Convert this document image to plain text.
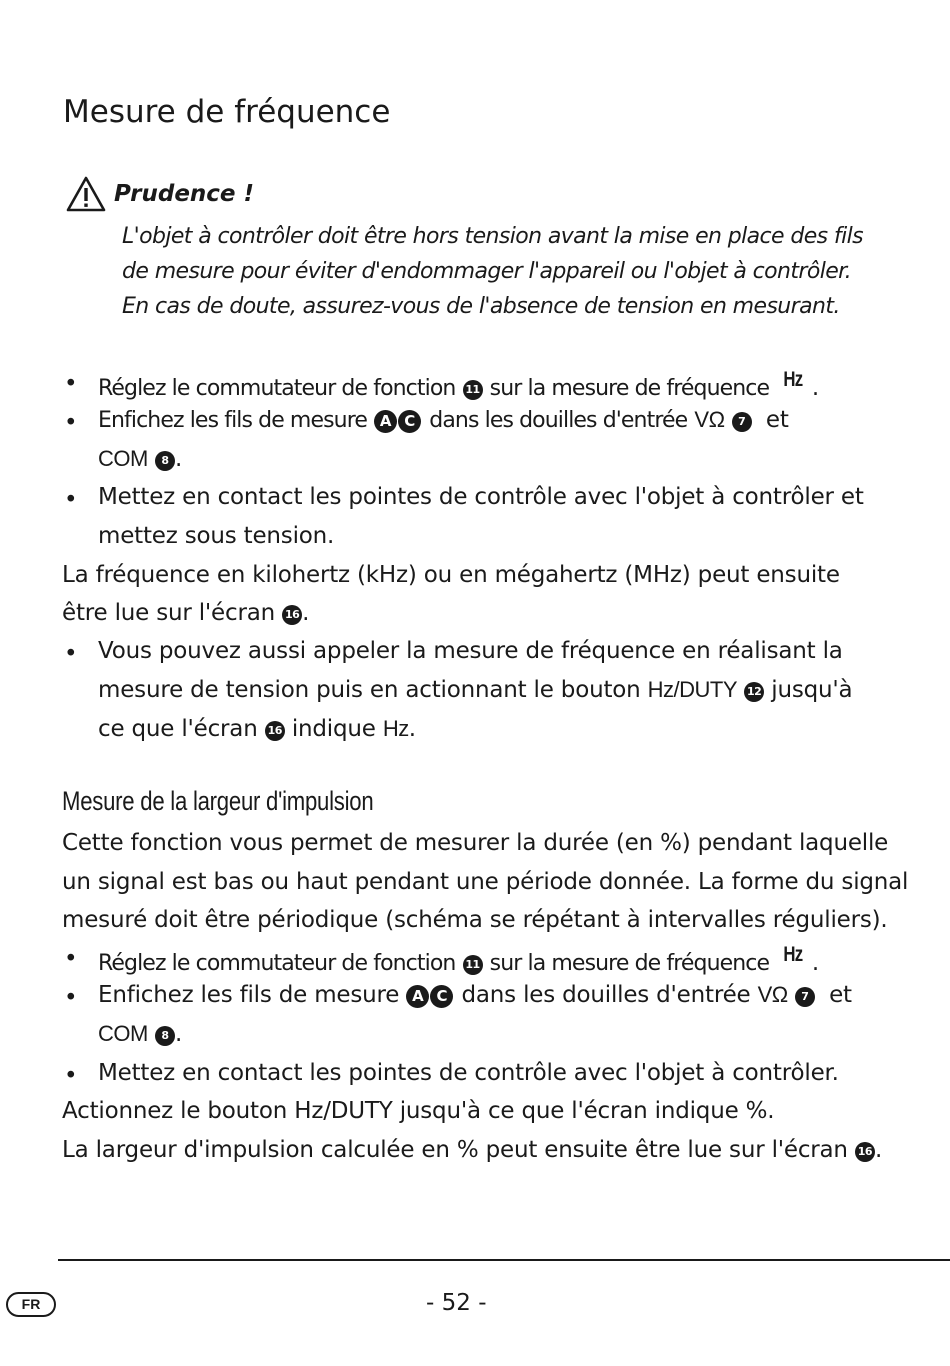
Mesure de fréquence
Prudence !
L'objet à contrôler doit être hors tension avant la mise en place des fils
de mesure pour éviter d'endommager l'appareil ou l'objet à contrôler.
En cas de doute, assurez-vous de l'absence de tension en mesurant.
• Réglez le commutateur de fonction 11 sur la mesure de fréquence Hz .
• Enfichez les fils de mesure A C dans les douilles d'entrée VΩ 7 et
COM 8 .
• Mettez en contact les pointes de contrôle avec l'objet à contrôler et
mettez sous tension.
La fréquence en kilohertz (kHz) ou en mégahertz (MHz) peut ensuite
être lue sur l'écran 16 .
• Vous pouvez aussi appeler la mesure de fréquence en réalisant la
mesure de tension puis en actionnant le bouton Hz/DUTY 12 jusqu'à
ce que l'écran 16 indique Hz.
Mesure de la largeur d'impulsion
Cette fonction vous permet de mesurer la durée (en %) pendant laquelle
un signal est bas ou haut pendant une période donnée. La forme du signal
mesuré doit être périodique (schéma se répétant à intervalles réguliers).
• Réglez le commutateur de fonction 11 sur la mesure de fréquence Hz .
• Enfichez les fils de mesure A C dans les douilles d'entrée VΩ 7 et
COM 8 .
• Mettez en contact les pointes de contrôle avec l'objet à contrôler.
Actionnez le bouton Hz/DUTY jusqu'à ce que l'écran indique %.
La largeur d'impulsion calculée en % peut ensuite être lue sur l'écran 16 .
FR	- 52 -
